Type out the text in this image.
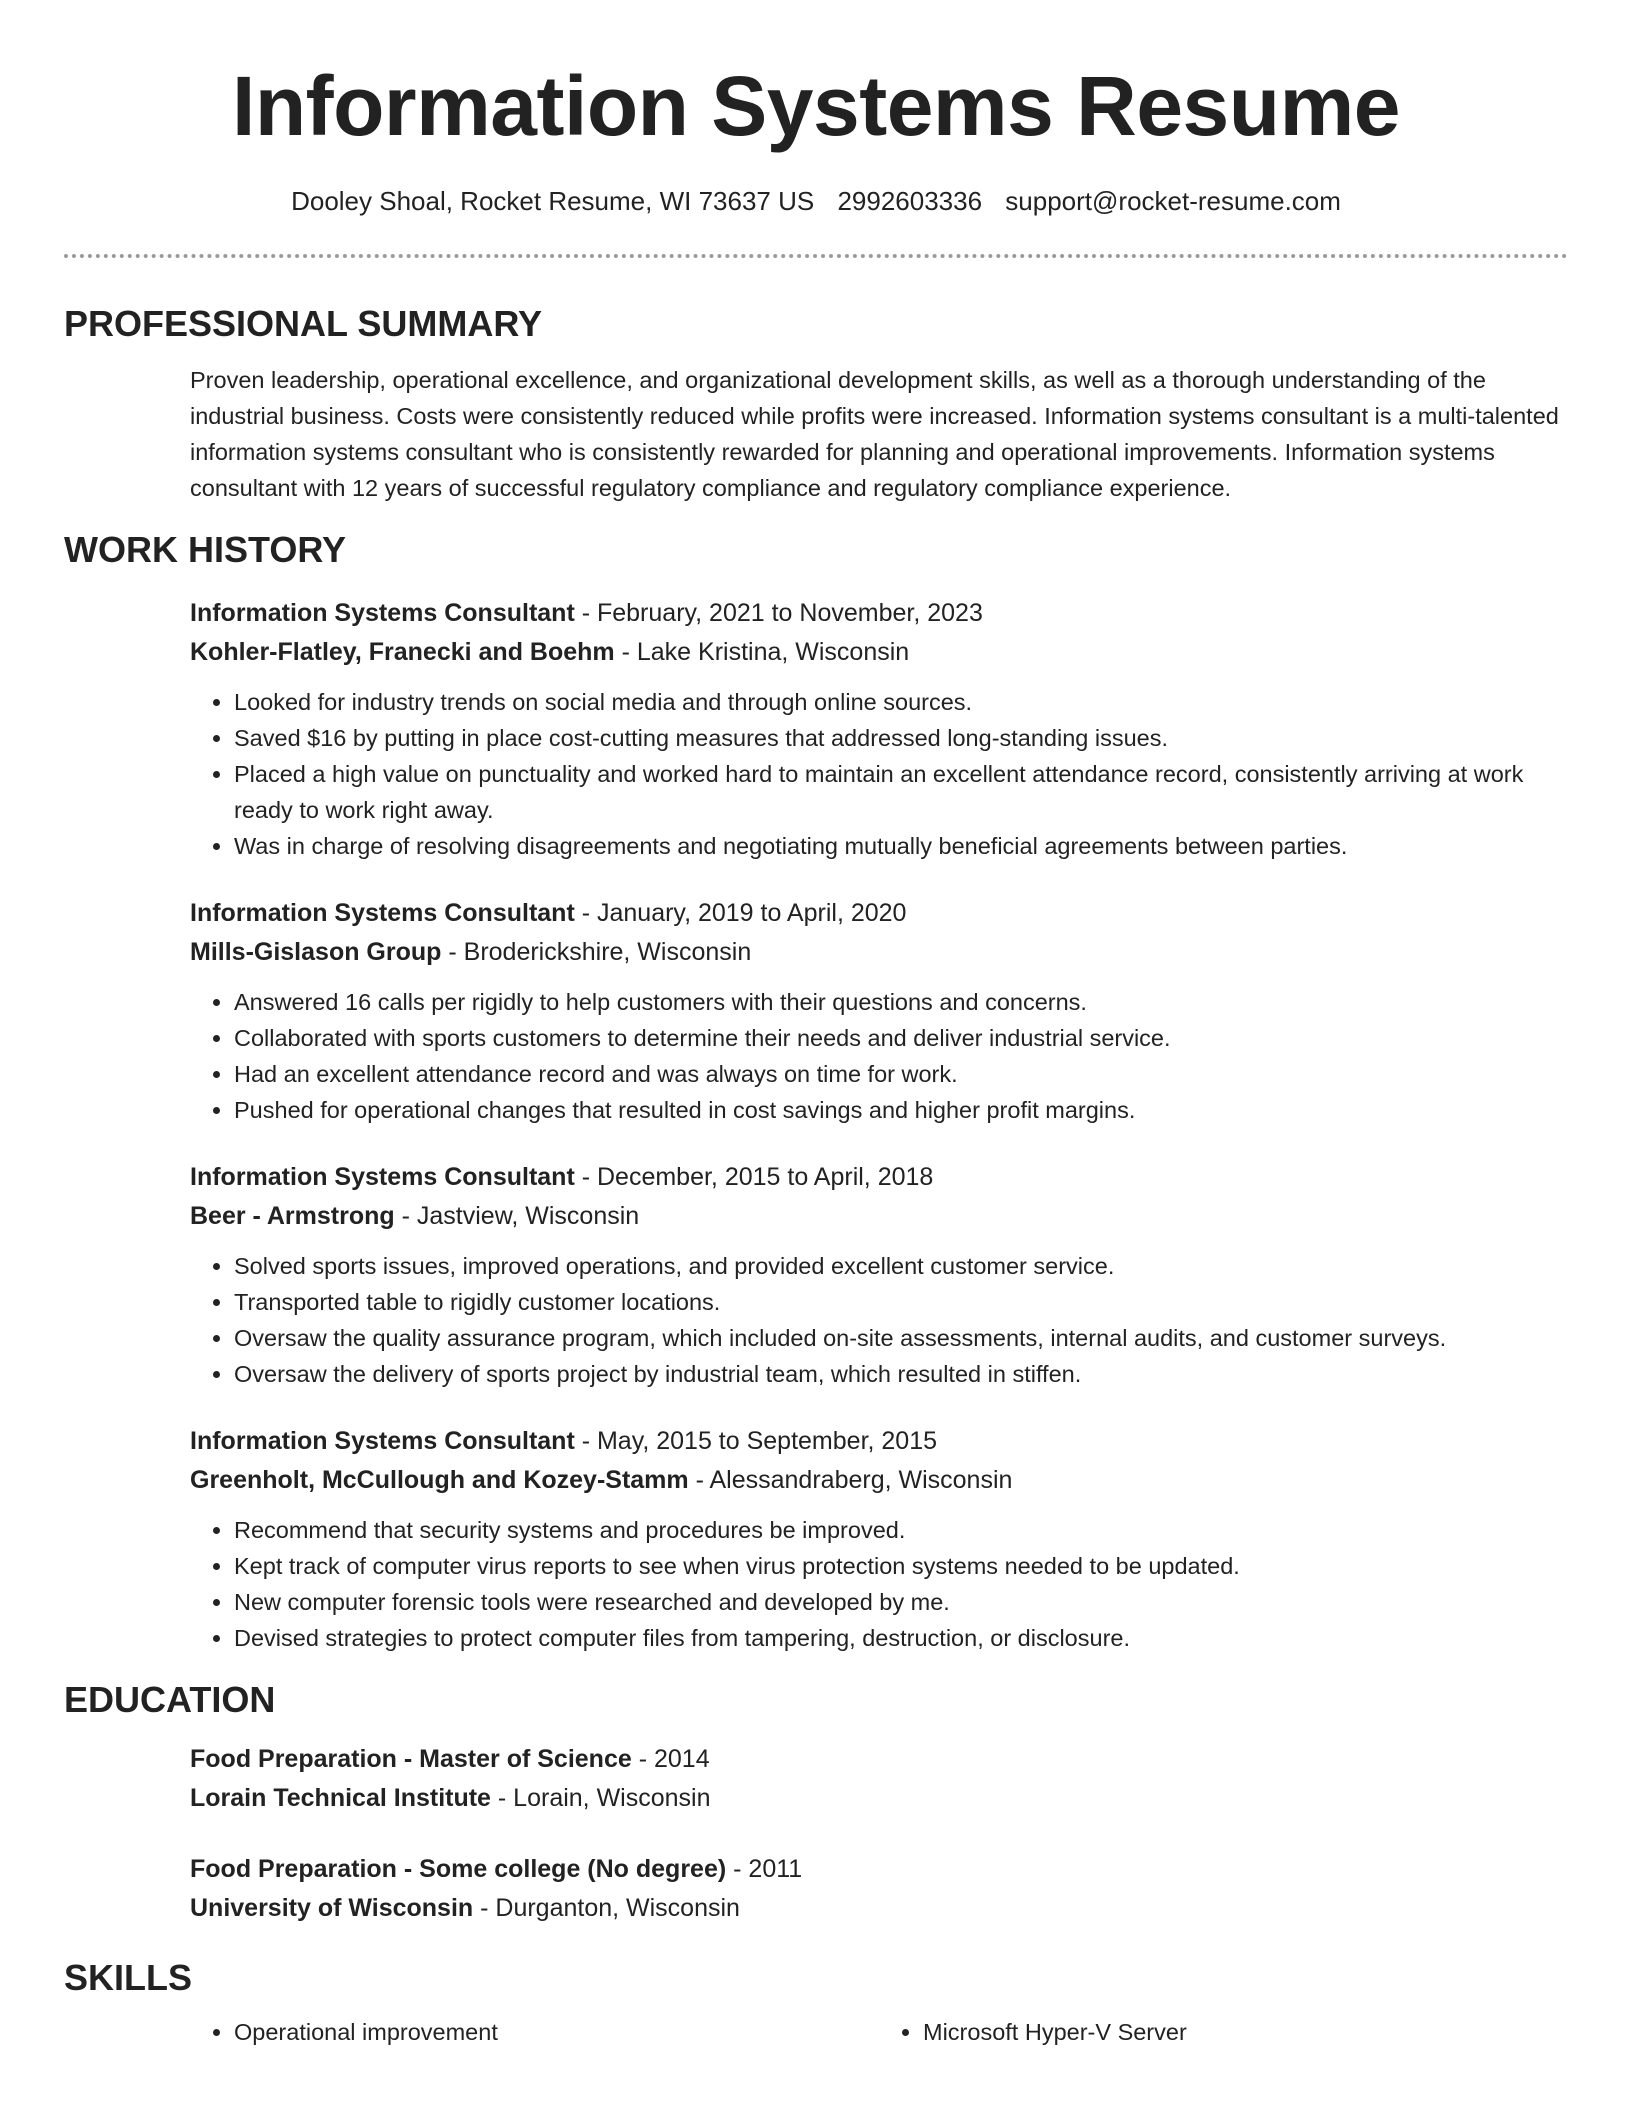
Information Systems Resume
Dooley Shoal, Rocket Resume, WI 73637 US 2992603336 support@rocket-resume.com
PROFESSIONAL SUMMARY

Proven leadership, operational excellence, and organizational development skills, as well as a thorough understanding of the industrial business. Costs were consistently reduced while profits were increased. Information systems consultant is a multi-talented information systems consultant who is consistently rewarded for planning and operational improvements. Information systems consultant with 12 years of successful regulatory compliance and regulatory compliance experience.

WORK HISTORY
Information Systems Consultant - February, 2021 to November, 2023
Kohler-Flatley, Franecki and Boehm - Lake Kristina, Wisconsin
• Looked for industry trends on social media and through online sources.
• Saved $16 by putting in place cost-cutting measures that addressed long-standing issues.
• Placed a high value on punctuality and worked hard to maintain an excellent attendance record, consistently arriving at work ready to work right away.
• Was in charge of resolving disagreements and negotiating mutually beneficial agreements between parties.
Information Systems Consultant - January, 2019 to April, 2020
Mills-Gislason Group - Broderickshire, Wisconsin
• Answered 16 calls per rigidly to help customers with their questions and concerns.
• Collaborated with sports customers to determine their needs and deliver industrial service.
• Had an excellent attendance record and was always on time for work.
• Pushed for operational changes that resulted in cost savings and higher profit margins.
Information Systems Consultant - December, 2015 to April, 2018
Beer - Armstrong - Jastview, Wisconsin
• Solved sports issues, improved operations, and provided excellent customer service.
• Transported table to rigidly customer locations.
• Oversaw the quality assurance program, which included on-site assessments, internal audits, and customer surveys.
• Oversaw the delivery of sports project by industrial team, which resulted in stiffen.
Information Systems Consultant - May, 2015 to September, 2015
Greenholt, McCullough and Kozey-Stamm - Alessandraberg, Wisconsin
• Recommend that security systems and procedures be improved.
• Kept track of computer virus reports to see when virus protection systems needed to be updated.
• New computer forensic tools were researched and developed by me.
• Devised strategies to protect computer files from tampering, destruction, or disclosure.
EDUCATION
Food Preparation - Master of Science - 2014
Lorain Technical Institute - Lorain, Wisconsin
Food Preparation - Some college (No degree) - 2011
University of Wisconsin - Durganton, Wisconsin
SKILLS
• Operational improvement
•	Microsoft Hyper-V Server
